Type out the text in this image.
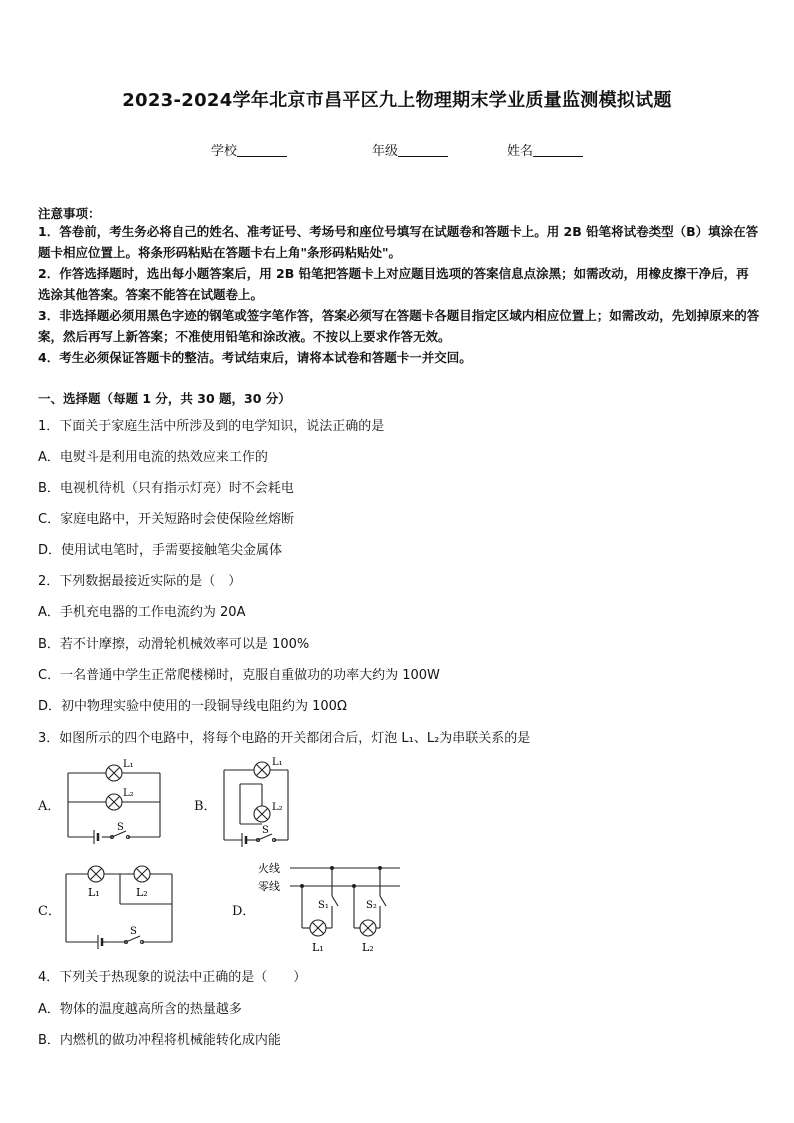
2023-2024学年北京市昌平区九上物理期末学业质量监测模拟试题
学校	年级	姓名
注意事项：
1．答卷前，考生务必将自己的姓名、准考证号、考场号和座位号填写在试题卷和答题卡上。用 2B 铅笔将试卷类型（B）填涂在答题卡相应位置上。将条形码粘贴在答题卡右上角"条形码粘贴处"。
2．作答选择题时，选出每小题答案后，用 2B 铅笔把答题卡上对应题目选项的答案信息点涂黑；如需改动，用橡皮擦干净后，再选涂其他答案。答案不能答在试题卷上。
3．非选择题必须用黑色字迹的钢笔或签字笔作答，答案必须写在答题卡各题目指定区域内相应位置上；如需改动，先划掉原来的答案，然后再写上新答案；不准使用铅笔和涂改液。不按以上要求作答无效。
4．考生必须保证答题卡的整洁。考试结束后，请将本试卷和答题卡一并交回。
一、选择题（每题 1 分，共 30 题，30 分）
1．下面关于家庭生活中所涉及到的电学知识，说法正确的是
A．电熨斗是利用电流的热效应来工作的
B．电视机待机（只有指示灯亮）时不会耗电
C．家庭电路中，开关短路时会使保险丝熔断
D．使用试电笔时，手需要接触笔尖金属体
2．下列数据最接近实际的是（　）
A．手机充电器的工作电流约为 20A
B．若不计摩擦，动滑轮机械效率可以是 100%
C．一名普通中学生正常爬楼梯时，克服自重做功的功率大约为 100W
D．初中物理实验中使用的一段铜导线电阻约为 100Ω
3．如图所示的四个电路中，将每个电路的开关都闭合后，灯泡 L₁、L₂为串联关系的是
A．	B．
C．	D．
L₁
L₂
S
L₁
L₂
S
L₁	L₂
S
火线
零线
S₁	S₂
L₁	L₂
4．下列关于热现象的说法中正确的是（　　）
A．物体的温度越高所含的热量越多
B．内燃机的做功冲程将机械能转化成内能
